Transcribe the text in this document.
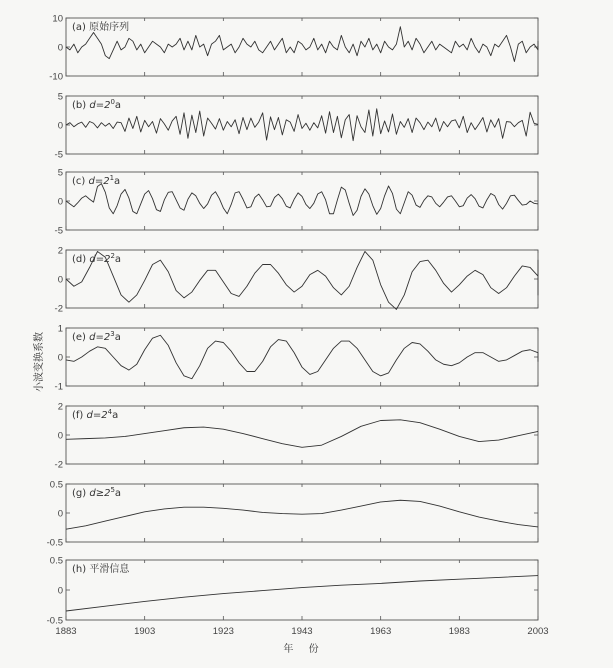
10
0
-10
(a) 原始序列
5
0
-5
(b) $d=2^0a$
5
0
-5
(c) $d=2^1a$
2
0
-2
(d) $d=2^2a$
1
0
-1
(e) $d=2^3a$
2
0
-2
(f) $d=2^4a$
0.5
0
-0.5
(g) $d\ge 2^5a$
0.5
0
-0.5
(h) 平滑信息
1883	1903	1923	1943	1963	1983	2003
小波变换系数
年 份
